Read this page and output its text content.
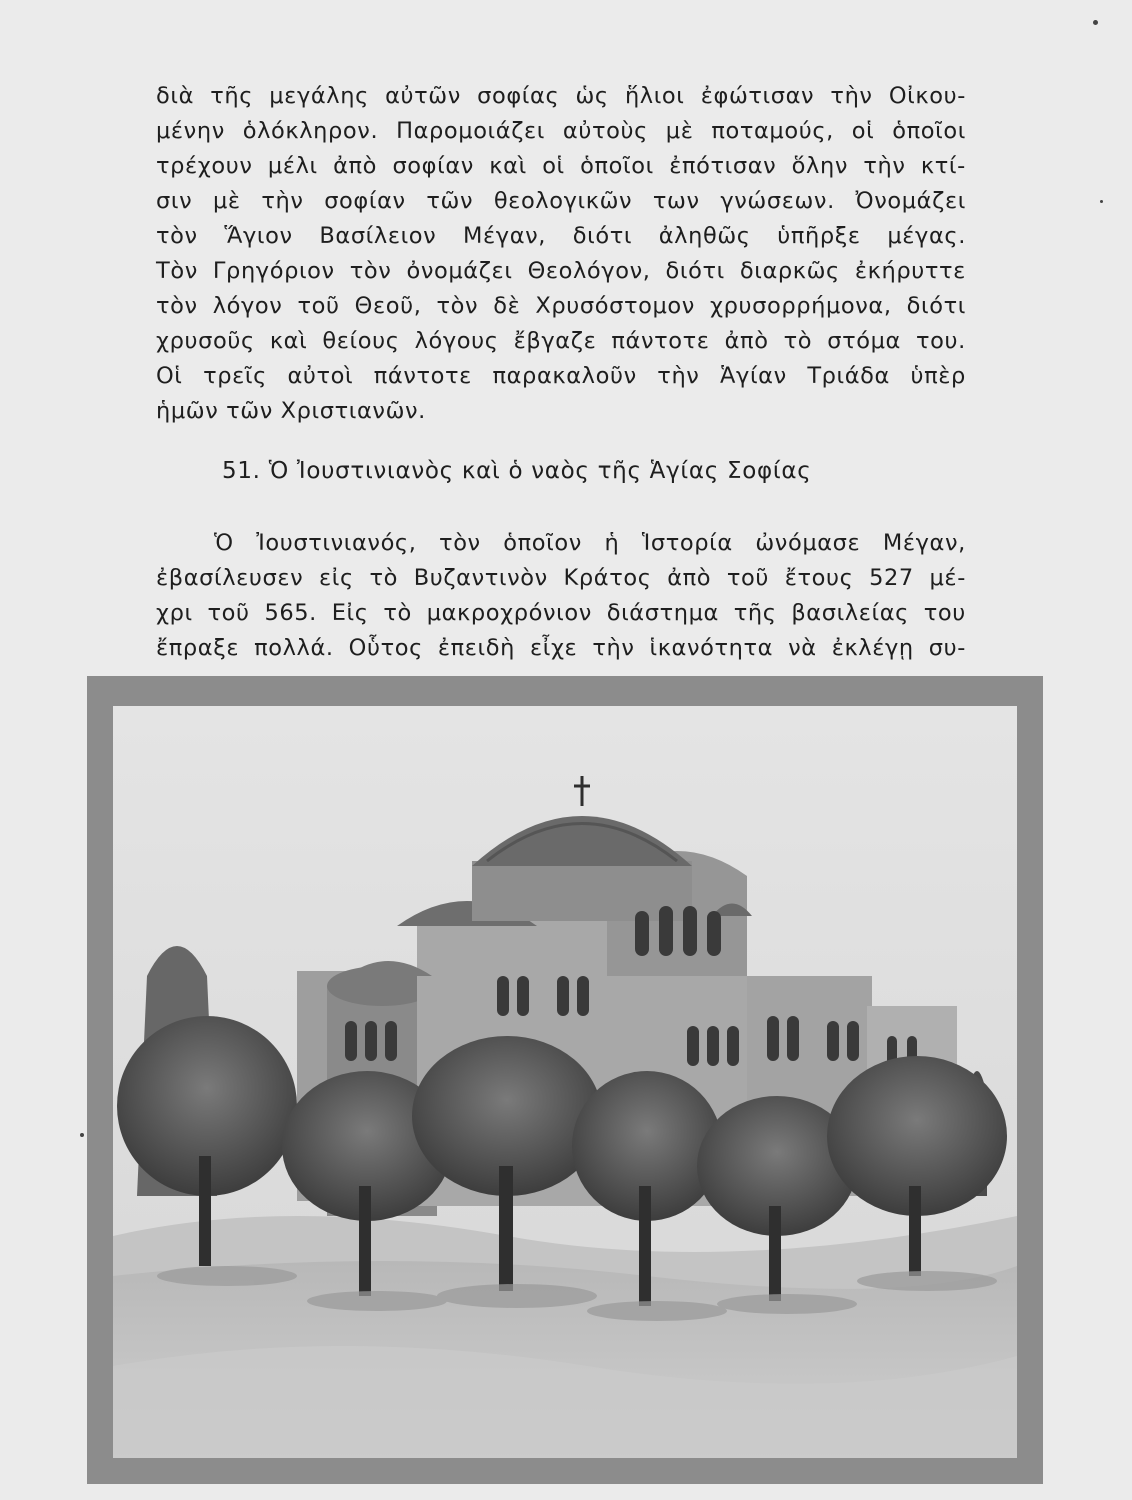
διὰ τῆς μεγάλης αὐτῶν σοφίας ὡς ἥλιοι ἐφώτισαν τὴν Οἰκου-
μένην ὁλόκληρον. Παρομοιάζει αὐτοὺς μὲ ποταμούς, οἱ ὁποῖοι
τρέχουν μέλι ἀπὸ σοφίαν καὶ οἱ ὁποῖοι ἐπότισαν ὅλην τὴν κτί-
σιν μὲ τὴν σοφίαν τῶν θεολογικῶν των γνώσεων. Ὀνομάζει
τὸν Ἅγιον Βασίλειον Μέγαν, διότι ἀληθῶς ὑπῆρξε μέγας.
Τὸν Γρηγόριον τὸν ὀνομάζει Θεολόγον, διότι διαρκῶς ἐκήρυττε
τὸν λόγον τοῦ Θεοῦ, τὸν δὲ Χρυσόστομον χρυσορρήμονα, διότι
χρυσοῦς καὶ θείους λόγους ἔβγαζε πάντοτε ἀπὸ τὸ στόμα του.
Οἱ τρεῖς αὐτοὶ πάντοτε παρακαλοῦν τὴν Ἁγίαν Τριάδα ὑπὲρ
ἡμῶν τῶν Χριστιανῶν.
51. Ὁ Ἰουστινιανὸς καὶ ὁ ναὸς τῆς Ἁγίας Σοφίας
Ὁ Ἰουστινιανός, τὸν ὁποῖον ἡ Ἱστορία ὠνόμασε Μέγαν,
ἐβασίλευσεν εἰς τὸ Βυζαντινὸν Κράτος ἀπὸ τοῦ ἔτους 527 μέ-
χρι τοῦ 565. Εἰς τὸ μακροχρόνιον διάστημα τῆς βασιλείας του
ἔπραξε πολλά. Οὗτος ἐπειδὴ εἶχε τὴν ἱκανότητα νὰ ἐκλέγῃ συ-
